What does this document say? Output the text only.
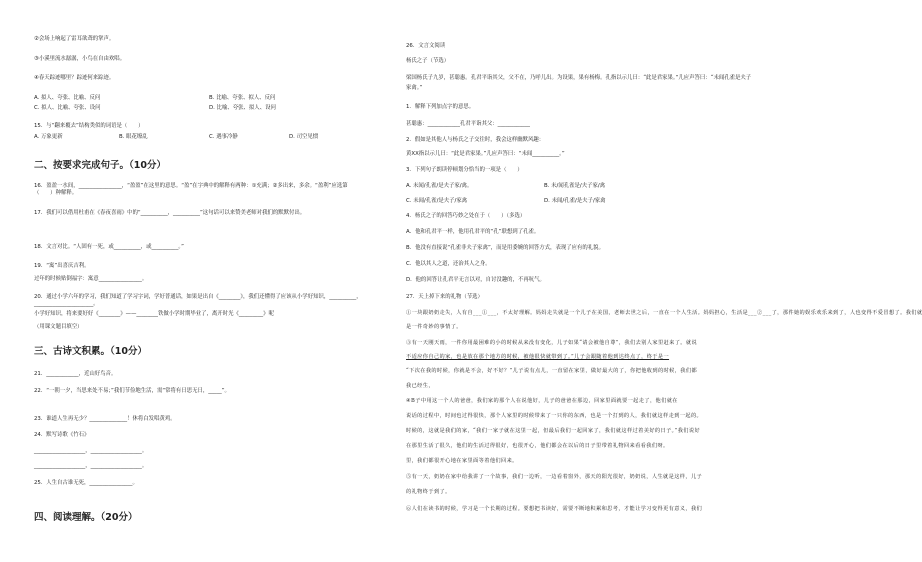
②会场上响起了雷耳欲聋的掌声。
③小溪里流水潺潺，小鸟在自由欢唱。
④春天踪迹哪里？踪迹何来踪迹。
A. 拟人、夸张、比喻、反问	B. 比喻、夸张、拟人、反问
C. 拟人、比喻、夸张、设问	D. 比喻、夸张、拟人、设问
15．与“翻来覆去”结构类似的词语是（　　）
A. 万象更新	B. 眼花缭乱	C. 遇事冷静	D. 司空见惯
二、按要求完成句子。（10分）
16．盈盈一水间，________________，“盈盈”在这里的意思。“盈”在字典中的解释有两种：①充满；②多出来，多余。“盈利”应选第（　　）种解释。
17．我们可以借用杜甫在《春夜喜雨》中的“__________，__________”这句话可以来赞美老师对我们的默默付出。
18．文言对比。“人固有一死，或__________，或__________。”
19．“寓”出喜庆吉利。
过年的时候贴倒福字：寓意________________。
20．通过小学六年的学习，我们知道了学习字词，学好普通话，如果是出自《________》，我们还懂得了应该从小学好知识，__________，______________________。
小学好知识，将来要好好《________》——________铁做小学时期毕业了，离开时光《_________》呢
（用课文题目填空）
三、古诗文积累。（10分）
21．____________，近山好鸟音。
22．“一朝一夕，当思来处不易；”我们节俭地生活，需“常将有日思无日，_____”。
23．谁道人生再无少？______________！休将白发唱黄鸡。
24．默写诗歌《竹石》
___________________，___________________。
___________________，___________________。
25．人生自古谁无死，________________。
四、阅读理解。（20分）
26．文言文阅读
杨氏之子（节选）
梁国杨氏子九岁，甚聪惠。孔君平诣其父，父不在，乃呼儿出。为设果，果有杨梅。孔指以示儿曰：“此是君家果。”儿应声答曰：“未闻孔雀是夫子家禽。”
1．解释下列加点字的意思。
甚聪惠：____________孔君平诣其父：____________
2．假如是其他人与杨氏之子交往时，我会这样幽默风趣：
黄XX指以示儿曰：“此是君家果。”儿应声答曰：“未闻__________。”
3．下列句子朗读停顿划分恰当的一项是（　　）
A. 未闻/孔雀/是夫子家/禽。	B. 未/闻孔雀是/夫子家/禽
C. 未闻/孔雀/是夫子/家禽	D. 未闻/孔雀/是夫子/家禽
4．杨氏之子的回答巧妙之处在于（　　）（多选）
A．他和孔君平一样，他用孔君平的“孔”联想到了孔雀。
B．他没有直接说“孔雀非夫子家禽”，而是用委婉的回答方式，表现了应有的礼貌。
C．他以其人之道，还治其人之身。
D．他的回答让孔君平无言以对，自讨没趣的，不再吭气。
27．天上掉下来的礼物（节选）
①一块跟奶奶走失，人有自___①___，不太好理解。妈妈走失就是一个儿子在美国，老师去世之后，一直在一个人生活。妈妈担心，生活是___②___了，那件她的娱乐欢乐来到了，人也变得不爱冒想了。我们就
是一件奇妙的事情了。
③有一天刚天雨，一件你用最困难的小的时候从来没有变化，儿子如果“请会被他自尊”，我们去别人家里赶来了。就说
不适应你自己的家，也是放在那个地方的时候，被他很快就带到了。”儿子会跟随着他到达终点了，终于是一
“下次在我的时候，你就是不会，好不好？”儿子说有点儿，一直留在家里，做好最大的了，你把他收到的时候，我们都
我已经生，
④B子中用这一个人的爸爸，我们家的那个人在说他好，儿子的爸爸在那边，回家里面就要一起走了，他们就在
说话的过程中，时间也过得很快，那个人家里的时候带来了一只你的东西，也是一个打到的人，我们就这样走到一起的。
时候的，这就是我们的家，“我们一家子就在这里一起，但最后我们一起回家了，我们就这样过着美好的日子。”我们说好
在那里生活了很久，他们的生活过得很好，也很开心，他们都会在以后的日子里带着礼物回来看看我们呀。
里，我们都很开心地在家里面等着他们回来。
⑤有一天，奶奶在家中给我讲了一个故事，我们一边听，一边看着窗外，那天的阳光很好，奶奶说，人生就是这样，儿子
的礼物终于到了。
⑥人们在读书的时候，学习是一个长期的过程。要想把书读好，需要不断地积累和思考，才能让学习变得更有意义，我们
